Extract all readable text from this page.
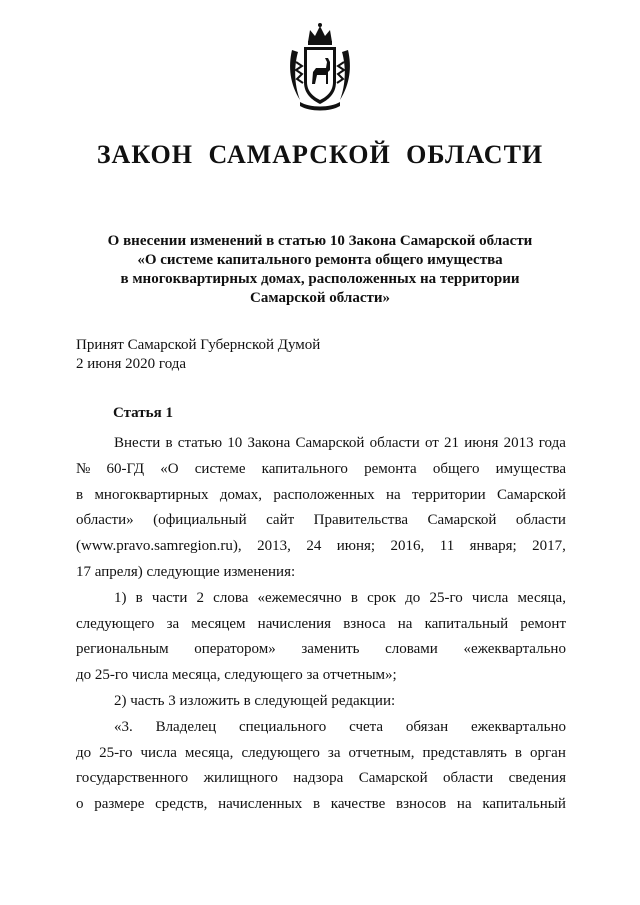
ЗАКОН САМАРСКОЙ ОБЛАСТИ
О внесении изменений в статью 10 Закона Самарской области
«О системе капитального ремонта общего имущества
в многоквартирных домах, расположенных на территории
Самарской области»
Принят Самарской Губернской Думой
2 июня 2020 года
Статья 1
Внести в статью 10 Закона Самарской области от 21 июня 2013 года
№ 60-ГД «О системе капитального ремонта общего имущества
в многоквартирных домах, расположенных на территории Самарской
области» (официальный сайт Правительства Самарской области
(www.pravo.samregion.ru), 2013, 24 июня; 2016, 11 января; 2017,
17 апреля) следующие изменения:
1) в части 2 слова «ежемесячно в срок до 25-го числа месяца,
следующего за месяцем начисления взноса на капитальный ремонт
региональным оператором» заменить словами «ежеквартально
до 25-го числа месяца, следующего за отчетным»;
2) часть 3 изложить в следующей редакции:
«3. Владелец специального счета обязан ежеквартально
до 25-го числа месяца, следующего за отчетным, представлять в орган
государственного жилищного надзора Самарской области сведения
о размере средств, начисленных в качестве взносов на капитальный
